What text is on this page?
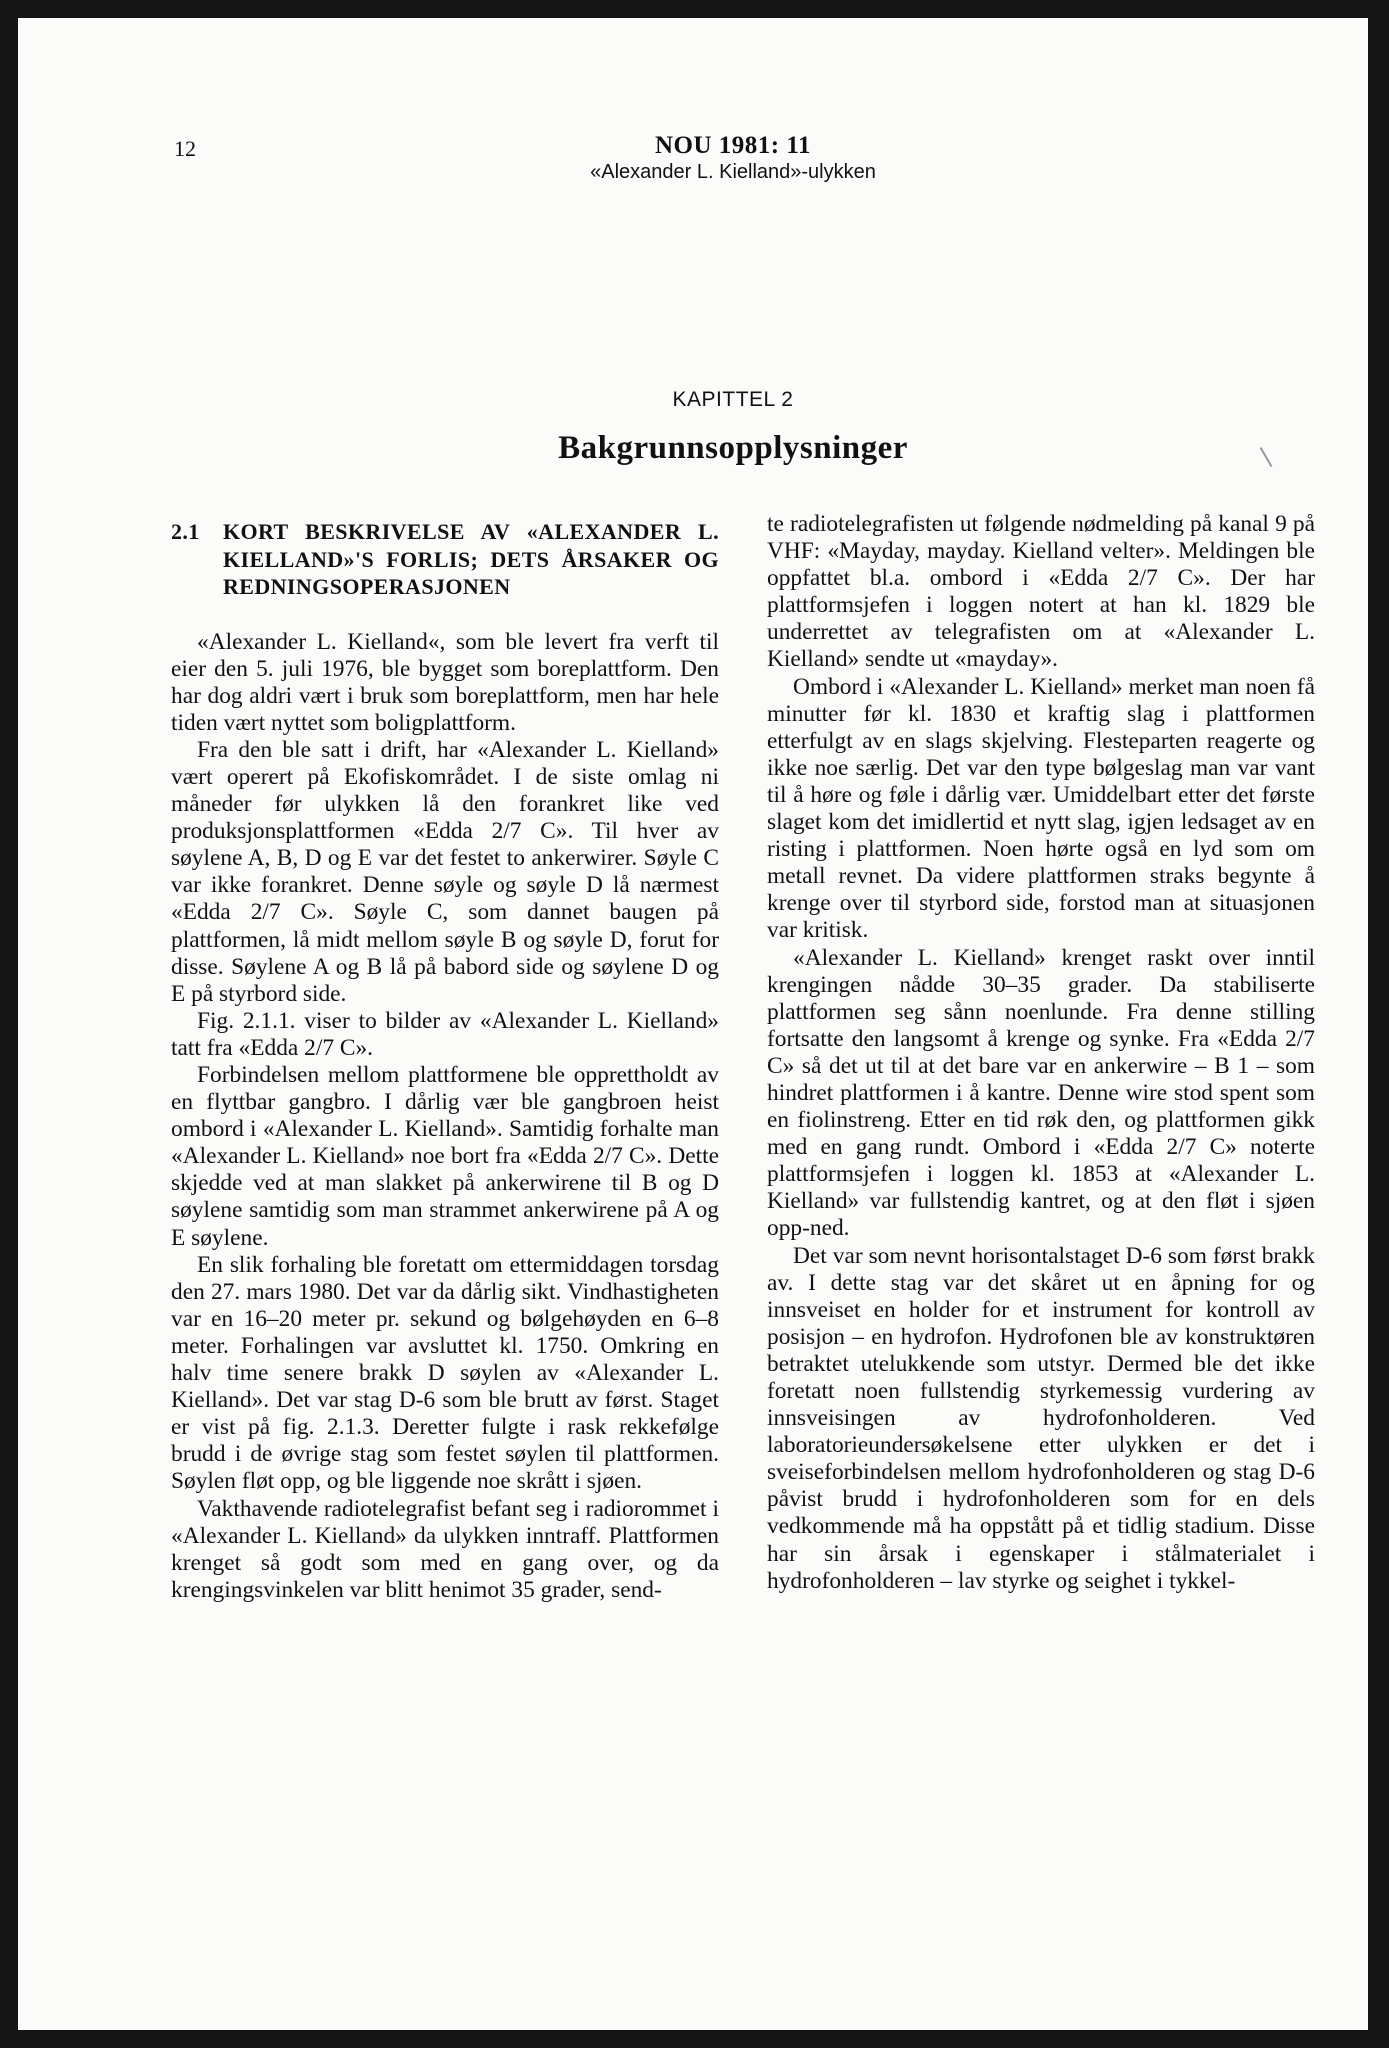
12	NOU 1981: 11
«Alexander L. Kielland»-ulykken
KAPITTEL 2
Bakgrunnsopplysninger
2.1	KORT BESKRIVELSE AV «ALEXANDER L. KIELLAND»'S FORLIS; DETS ÅRSAKER OG REDNINGSOPERASJONEN

«Alexander L. Kielland«, som ble levert fra verft til eier den 5. juli 1976, ble bygget som boreplattform. Den har dog aldri vært i bruk som boreplattform, men har hele tiden vært nyttet som boligplattform.

Fra den ble satt i drift, har «Alexander L. Kielland» vært operert på Ekofiskområdet. I de siste omlag ni måneder før ulykken lå den forankret like ved produksjonsplattformen «Edda 2/7 C». Til hver av søylene A, B, D og E var det festet to ankerwirer. Søyle C var ikke forankret. Denne søyle og søyle D lå nærmest «Edda 2/7 C». Søyle C, som dannet baugen på plattformen, lå midt mellom søyle B og søyle D, forut for disse. Søylene A og B lå på babord side og søylene D og E på styrbord side.

Fig. 2.1.1. viser to bilder av «Alexander L. Kielland» tatt fra «Edda 2/7 C».

Forbindelsen mellom plattformene ble opprettholdt av en flyttbar gangbro. I dårlig vær ble gangbroen heist ombord i «Alexander L. Kielland». Samtidig forhalte man «Alexander L. Kielland» noe bort fra «Edda 2/7 C». Dette skjedde ved at man slakket på ankerwirene til B og D søylene samtidig som man strammet ankerwirene på A og E søylene.

En slik forhaling ble foretatt om ettermiddagen torsdag den 27. mars 1980. Det var da dårlig sikt. Vindhastigheten var en 16–20 meter pr. sekund og bølgehøyden en 6–8 meter. Forhalingen var avsluttet kl. 1750. Omkring en halv time senere brakk D søylen av «Alexander L. Kielland». Det var stag D-6 som ble brutt av først. Staget er vist på fig. 2.1.3. Deretter fulgte i rask rekkefølge brudd i de øvrige stag som festet søylen til plattformen. Søylen fløt opp, og ble liggende noe skrått i sjøen.

Vakthavende radiotelegrafist befant seg i radiorommet i «Alexander L. Kielland» da ulykken inntraff. Plattformen krenget så godt som med en gang over, og da krengingsvinkelen var blitt henimot 35 grader, send-

te radiotelegrafisten ut følgende nødmelding på kanal 9 på VHF: «Mayday, mayday. Kielland velter». Meldingen ble oppfattet bl.a. ombord i «Edda 2/7 C». Der har plattformsjefen i loggen notert at han kl. 1829 ble underrettet av telegrafisten om at «Alexander L. Kielland» sendte ut «mayday».

Ombord i «Alexander L. Kielland» merket man noen få minutter før kl. 1830 et kraftig slag i plattformen etterfulgt av en slags skjelving. Flesteparten reagerte og ikke noe særlig. Det var den type bølgeslag man var vant til å høre og føle i dårlig vær. Umiddelbart etter det første slaget kom det imidlertid et nytt slag, igjen ledsaget av en risting i plattformen. Noen hørte også en lyd som om metall revnet. Da videre plattformen straks begynte å krenge over til styrbord side, forstod man at situasjonen var kritisk.

«Alexander L. Kielland» krenget raskt over inntil krengingen nådde 30–35 grader. Da stabiliserte plattformen seg sånn noenlunde. Fra denne stilling fortsatte den langsomt å krenge og synke. Fra «Edda 2/7 C» så det ut til at det bare var en ankerwire – B 1 – som hindret plattformen i å kantre. Denne wire stod spent som en fiolinstreng. Etter en tid røk den, og plattformen gikk med en gang rundt. Ombord i «Edda 2/7 C» noterte plattformsjefen i loggen kl. 1853 at «Alexander L. Kielland» var fullstendig kantret, og at den fløt i sjøen opp-ned.

Det var som nevnt horisontalstaget D-6 som først brakk av. I dette stag var det skåret ut en åpning for og innsveiset en holder for et instrument for kontroll av posisjon – en hydrofon. Hydrofonen ble av konstruktøren betraktet utelukkende som utstyr. Dermed ble det ikke foretatt noen fullstendig styrkemessig vurdering av innsveisingen av hydrofonholderen. Ved laboratorieundersøkelsene etter ulykken er det i sveiseforbindelsen mellom hydrofonholderen og stag D-6 påvist brudd i hydrofonholderen som for en dels vedkommende må ha oppstått på et tidlig stadium. Disse har sin årsak i egenskaper i stålmaterialet i hydrofonholderen – lav styrke og seighet i tykkel-
